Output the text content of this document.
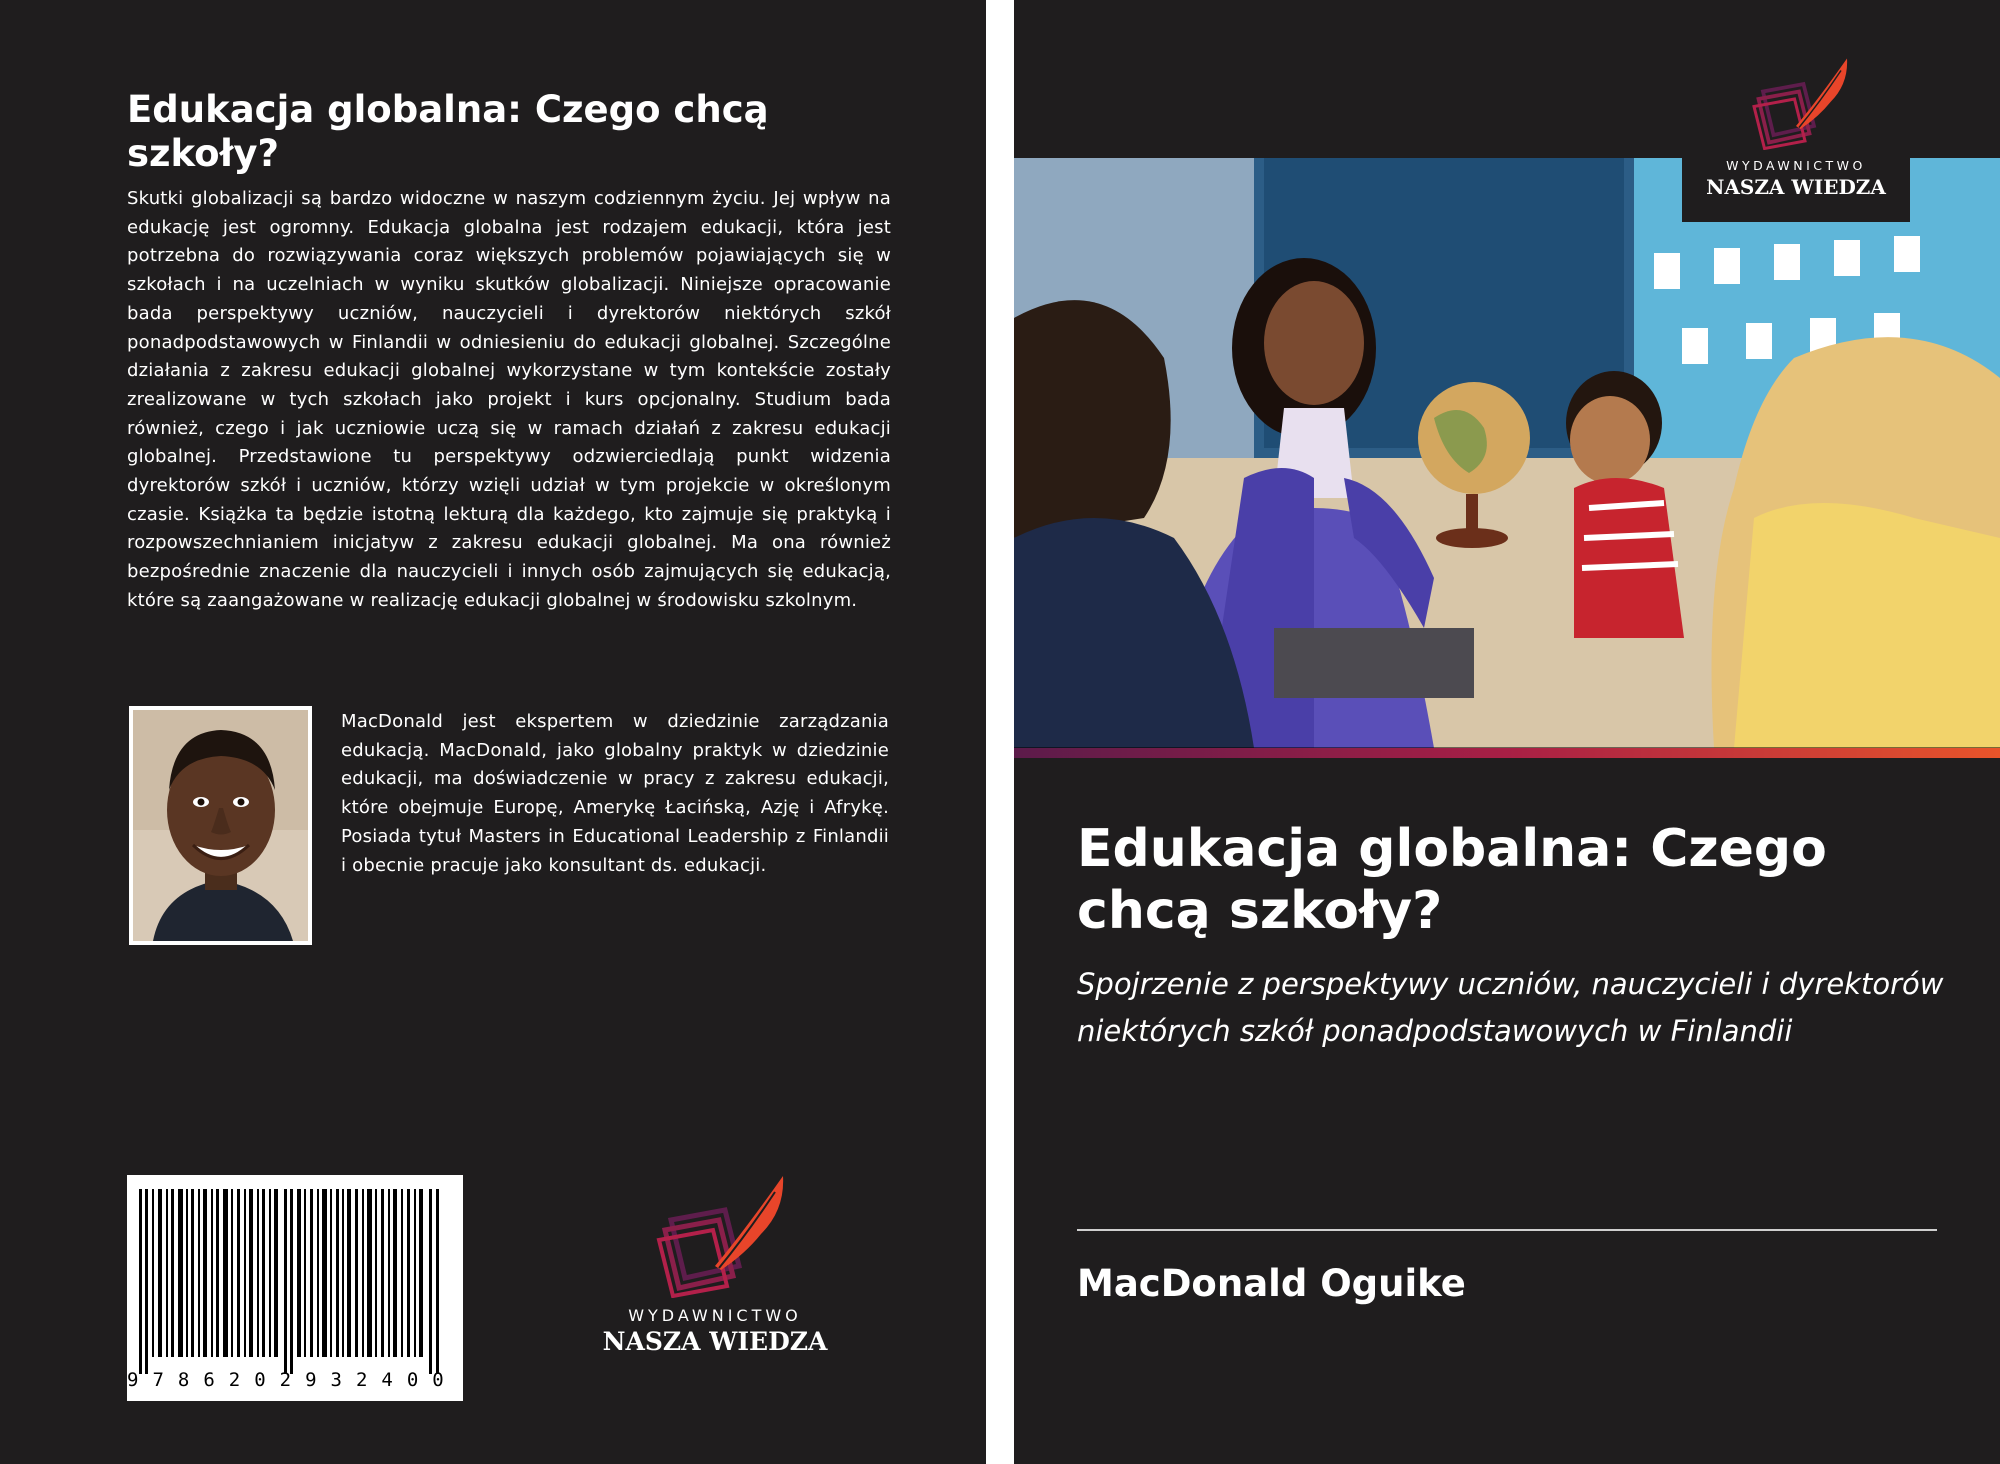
Edukacja globalna: Czego chcą szkoły?

Skutki globalizacji są bardzo widoczne w naszym codziennym życiu. Jej wpływ na edukację jest ogromny. Edukacja globalna jest rodzajem edukacji, która jest potrzebna do rozwiązywania coraz większych problemów pojawiających się w szkołach i na uczelniach w wyniku skutków globalizacji. Niniejsze opracowanie bada perspektywy uczniów, nauczycieli i dyrektorów niektórych szkół ponadpodstawowych w Finlandii w odniesieniu do edukacji globalnej. Szczególne działania z zakresu edukacji globalnej wykorzystane w tym kontekście zostały zrealizowane w tych szkołach jako projekt i kurs opcjonalny. Studium bada również, czego i jak uczniowie uczą się w ramach działań z zakresu edukacji globalnej. Przedstawione tu perspektywy odzwierciedlają punkt widzenia dyrektorów szkół i uczniów, którzy wzięli udział w tym projekcie w określonym czasie. Książka ta będzie istotną lekturą dla każdego, kto zajmuje się praktyką i rozpowszechnianiem inicjatyw z zakresu edukacji globalnej. Ma ona również bezpośrednie znaczenie dla nauczycieli i innych osób zajmujących się edukacją, które są zaangażowane w realizację edukacji globalnej w środowisku szkolnym.

MacDonald jest ekspertem w dziedzinie zarządzania edukacją. MacDonald, jako globalny praktyk w dziedzinie edukacji, ma doświadczenie w pracy z zakresu edukacji, które obejmuje Europę, Amerykę Łacińską, Azję i Afrykę. Posiada tytuł Masters in Educational Leadership z Finlandii i obecnie pracuje jako konsultant ds. edukacji.

9786202932400
WYDAWNICTWO
NASZA WIEDZA
WYDAWNICTWO
NASZA WIEDZA
Edukacja globalna: Czego chcą szkoły?

Spojrzenie z perspektywy uczniów, nauczycieli i dyrektorów niektórych szkół ponadpodstawowych w Finlandii

MacDonald Oguike
